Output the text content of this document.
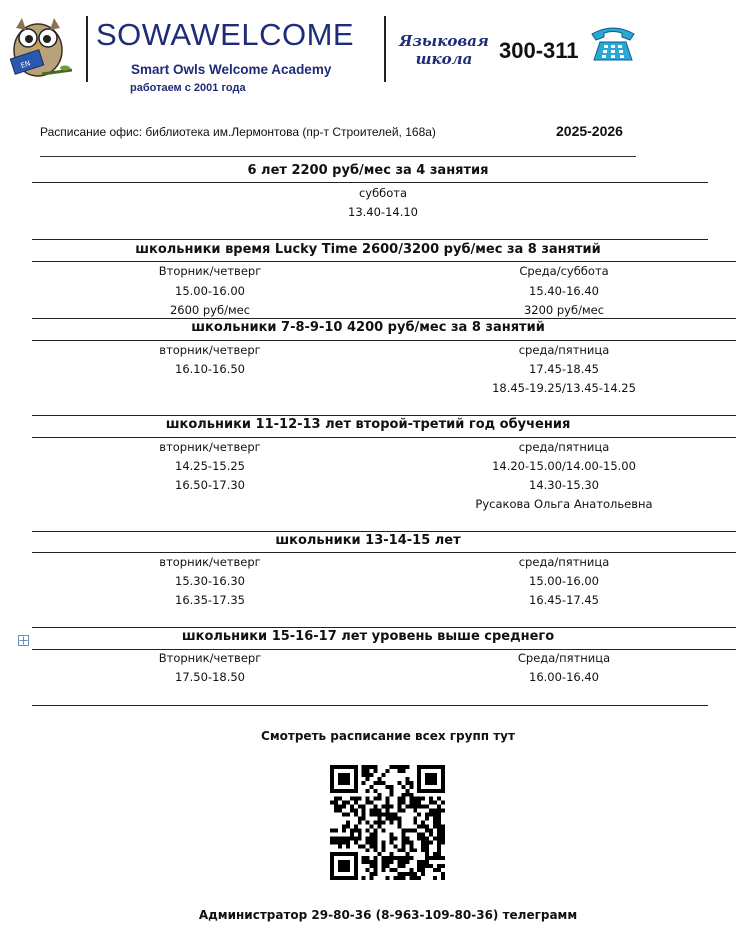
EN
SOWAWELCOME
Smart Owls Welcome Academy
работаем с 2001 года
Языковая
школа	300-311
Расписание офис: библиотека им.Лермонтова (пр-т Строителей, 168а)	2025-2026
6 лет 2200 руб/мес за 4 занятия
суббота
13.40-14.10
школьники время Lucky Time 2600/3200 руб/мес за 8 занятий
Вторник/четверг
15.00-16.00
2600 руб/мес
Среда/суббота
15.40-16.40
3200 руб/мес
школьники 7-8-9-10 4200 руб/мес за 8 занятий
вторник/четверг
16.10-16.50
среда/пятница
17.45-18.45
18.45-19.25/13.45-14.25
школьники 11-12-13 лет второй-третий год обучения
вторник/четверг
14.25-15.25
16.50-17.30
среда/пятница
14.20-15.00/14.00-15.00
14.30-15.30
Русакова Ольга Анатольевна
школьники 13-14-15 лет
вторник/четверг
15.30-16.30
16.35-17.35
среда/пятница
15.00-16.00
16.45-17.45
школьники 15-16-17 лет уровень выше среднего
Вторник/четверг
17.50-18.50
Среда/пятница
16.00-16.40
Смотреть расписание всех групп тут
Администратор 29-80-36 (8-963-109-80-36) телеграмм
